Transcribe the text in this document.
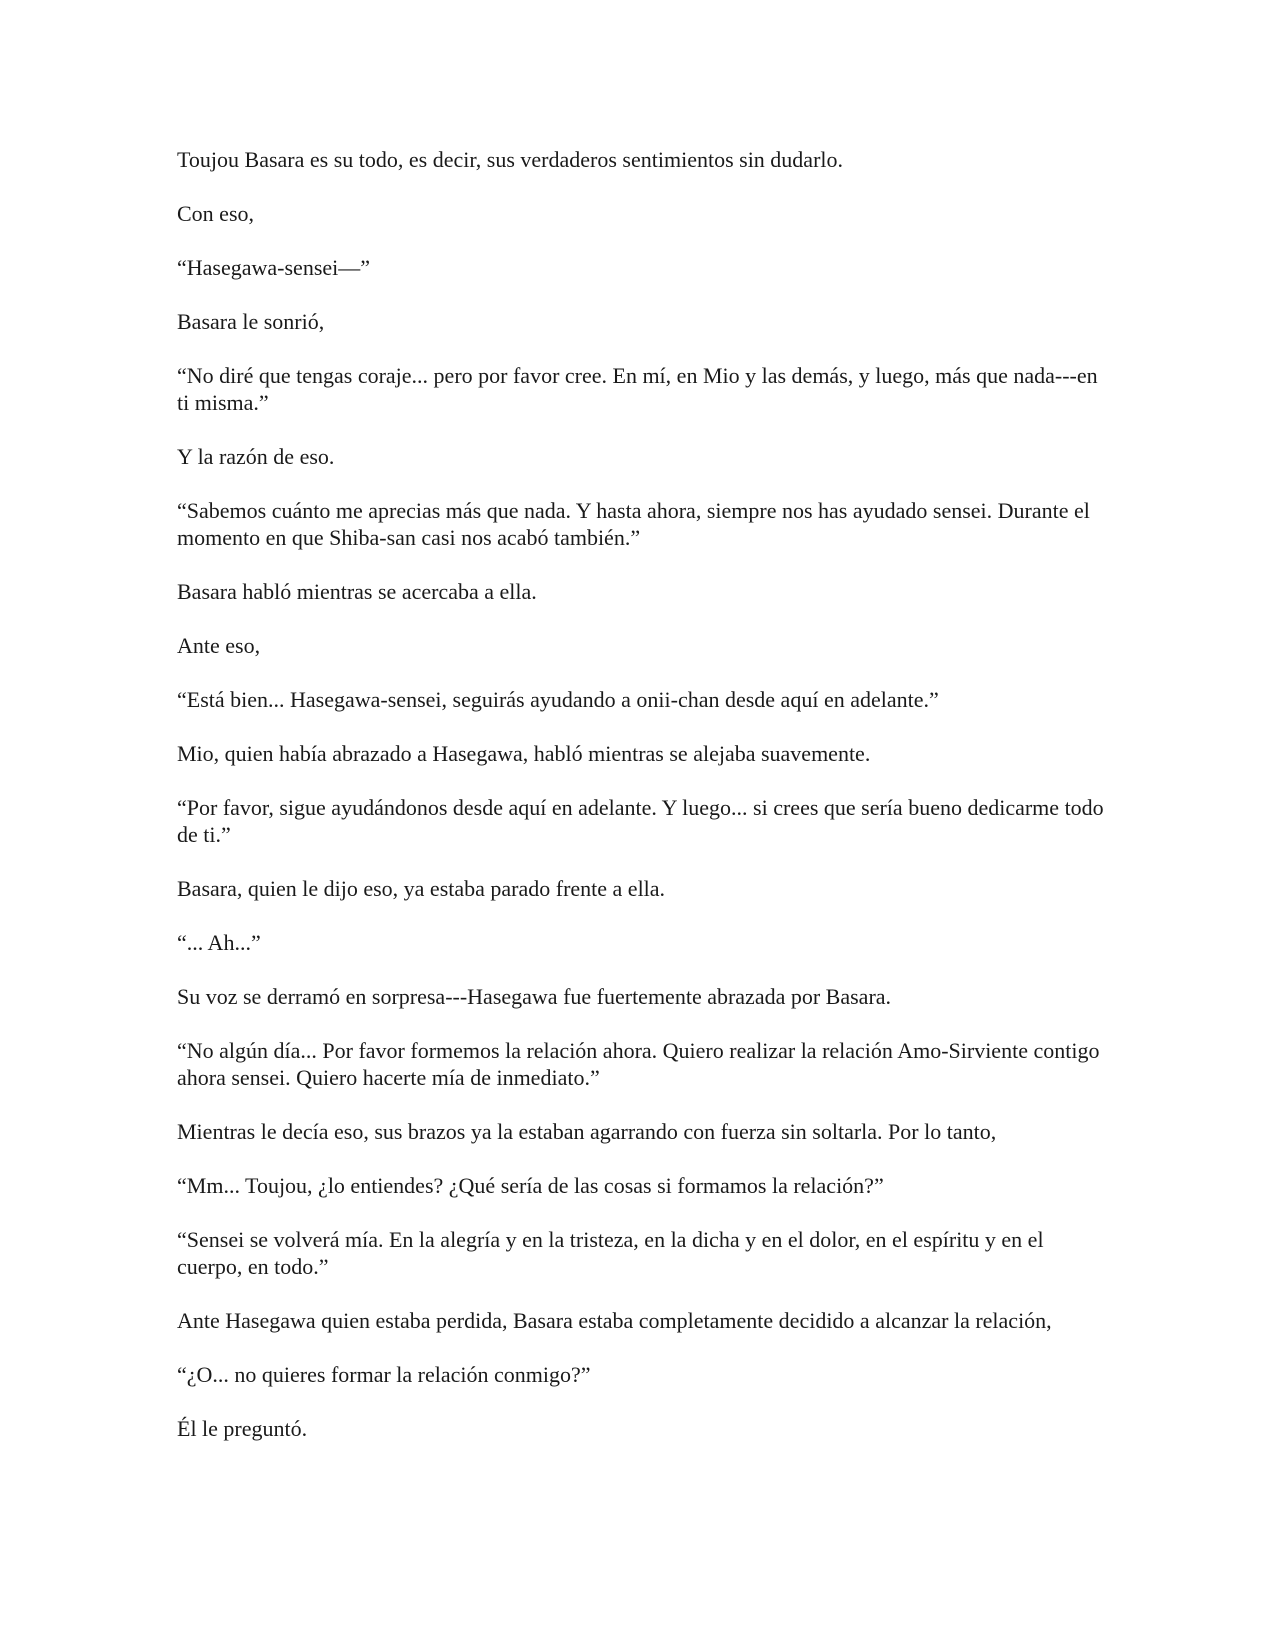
Toujou Basara es su todo, es decir, sus verdaderos sentimientos sin dudarlo.

Con eso,

“Hasegawa-sensei—”

Basara le sonrió,

“No diré que tengas coraje... pero por favor cree. En mí, en Mio y las demás, y luego, más que nada---en ti misma.”

Y la razón de eso.

“Sabemos cuánto me aprecias más que nada. Y hasta ahora, siempre nos has ayudado sensei. Durante el momento en que Shiba-san casi nos acabó también.”

Basara habló mientras se acercaba a ella.

Ante eso,

“Está bien... Hasegawa-sensei, seguirás ayudando a onii-chan desde aquí en adelante.”

Mio, quien había abrazado a Hasegawa, habló mientras se alejaba suavemente.

“Por favor, sigue ayudándonos desde aquí en adelante. Y luego... si crees que sería bueno dedicarme todo de ti.”

Basara, quien le dijo eso, ya estaba parado frente a ella.

“... Ah...”

Su voz se derramó en sorpresa---Hasegawa fue fuertemente abrazada por Basara.

“No algún día... Por favor formemos la relación ahora. Quiero realizar la relación Amo-Sirviente contigo ahora sensei. Quiero hacerte mía de inmediato.”

Mientras le decía eso, sus brazos ya la estaban agarrando con fuerza sin soltarla. Por lo tanto,

“Mm... Toujou, ¿lo entiendes? ¿Qué sería de las cosas si formamos la relación?”

“Sensei se volverá mía. En la alegría y en la tristeza, en la dicha y en el dolor, en el espíritu y en el cuerpo, en todo.”

Ante Hasegawa quien estaba perdida, Basara estaba completamente decidido a alcanzar la relación,

“¿O... no quieres formar la relación conmigo?”

Él le preguntó.
